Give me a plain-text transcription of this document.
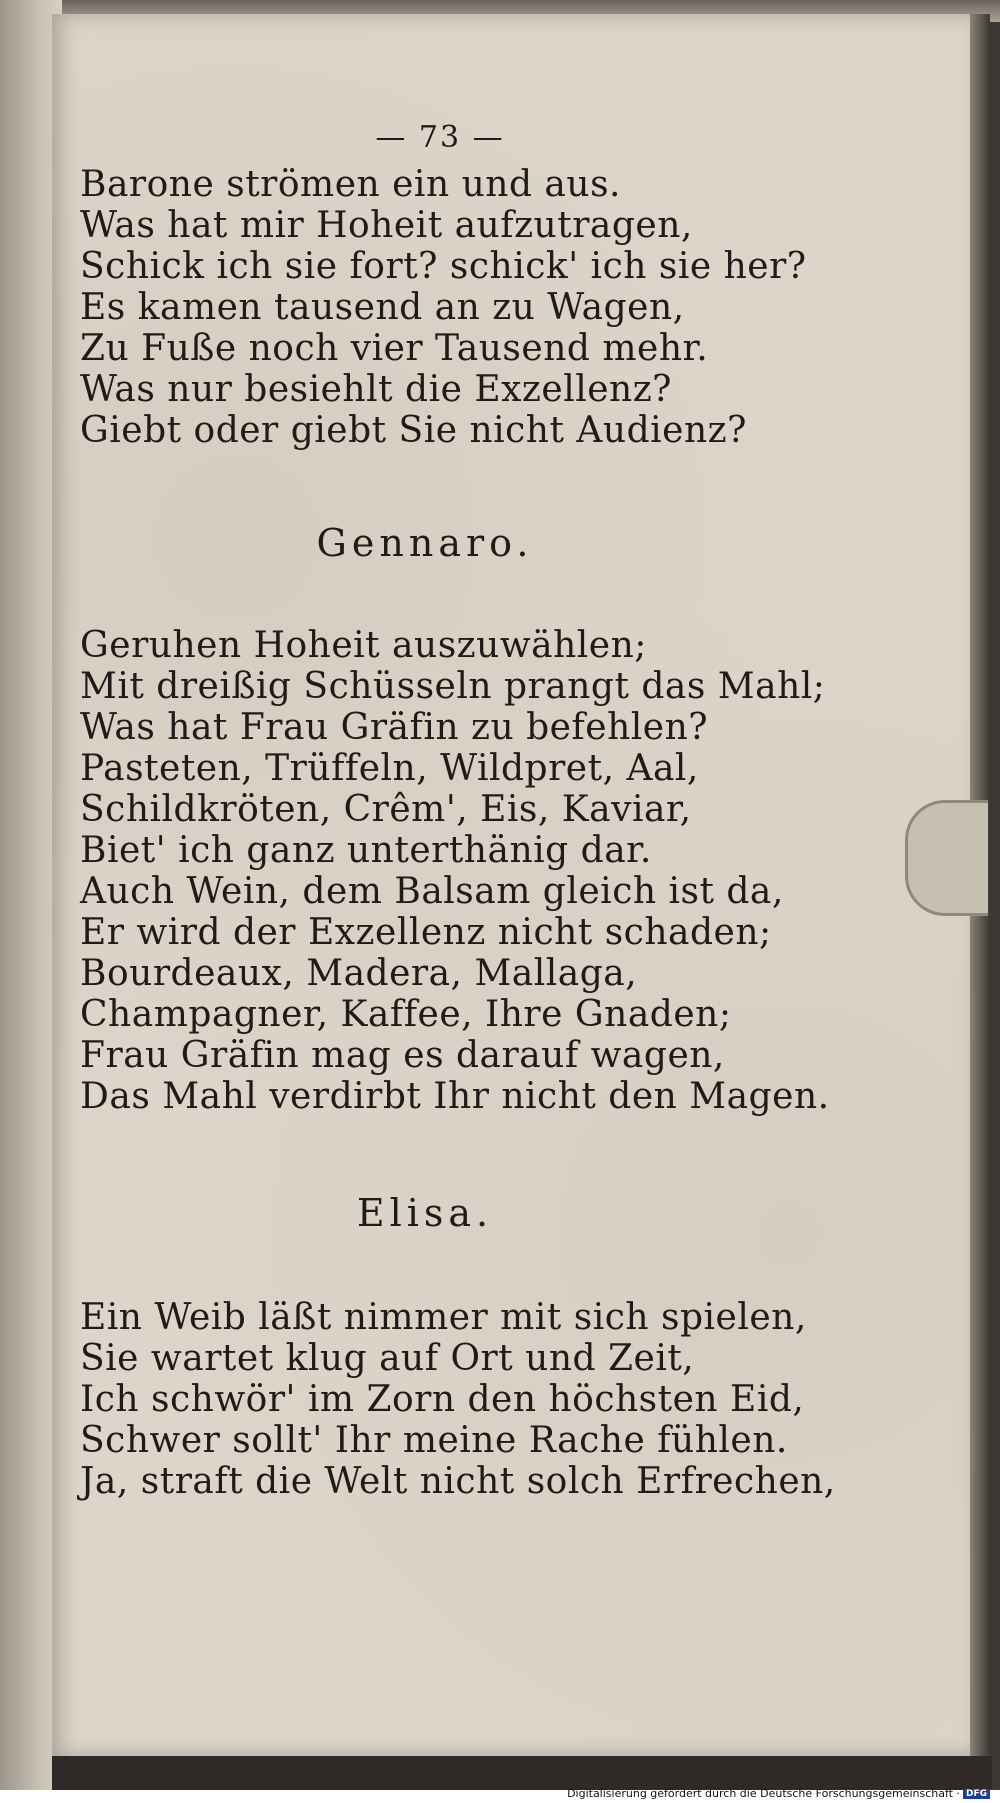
— 73 —
Barone strömen ein und aus.
Was hat mir Hoheit aufzutragen,
Schick ich sie fort? schick' ich sie her?
Es kamen tausend an zu Wagen,
Zu Fuße noch vier Tausend mehr.
Was nur besiehlt die Exzellenz?
Giebt oder giebt Sie nicht Audienz?
Gennaro.
Geruhen Hoheit auszuwählen;
Mit dreißig Schüsseln prangt das Mahl;
Was hat Frau Gräfin zu befehlen?
Pasteten, Trüffeln, Wildpret, Aal,
Schildkröten, Crêm', Eis, Kaviar,
Biet' ich ganz unterthänig dar.
Auch Wein, dem Balsam gleich ist da,
Er wird der Exzellenz nicht schaden;
Bourdeaux, Madera, Mallaga,
Champagner, Kaffee, Ihre Gnaden;
Frau Gräfin mag es darauf wagen,
Das Mahl verdirbt Ihr nicht den Magen.
Elisa.
Ein Weib läßt nimmer mit sich spielen,
Sie wartet klug auf Ort und Zeit,
Ich schwör' im Zorn den höchsten Eid,
Schwer sollt' Ihr meine Rache fühlen.
Ja, straft die Welt nicht solch Erfrechen,
Digitalisierung gefördert durch die Deutsche Forschungsgemeinschaft · DFG
